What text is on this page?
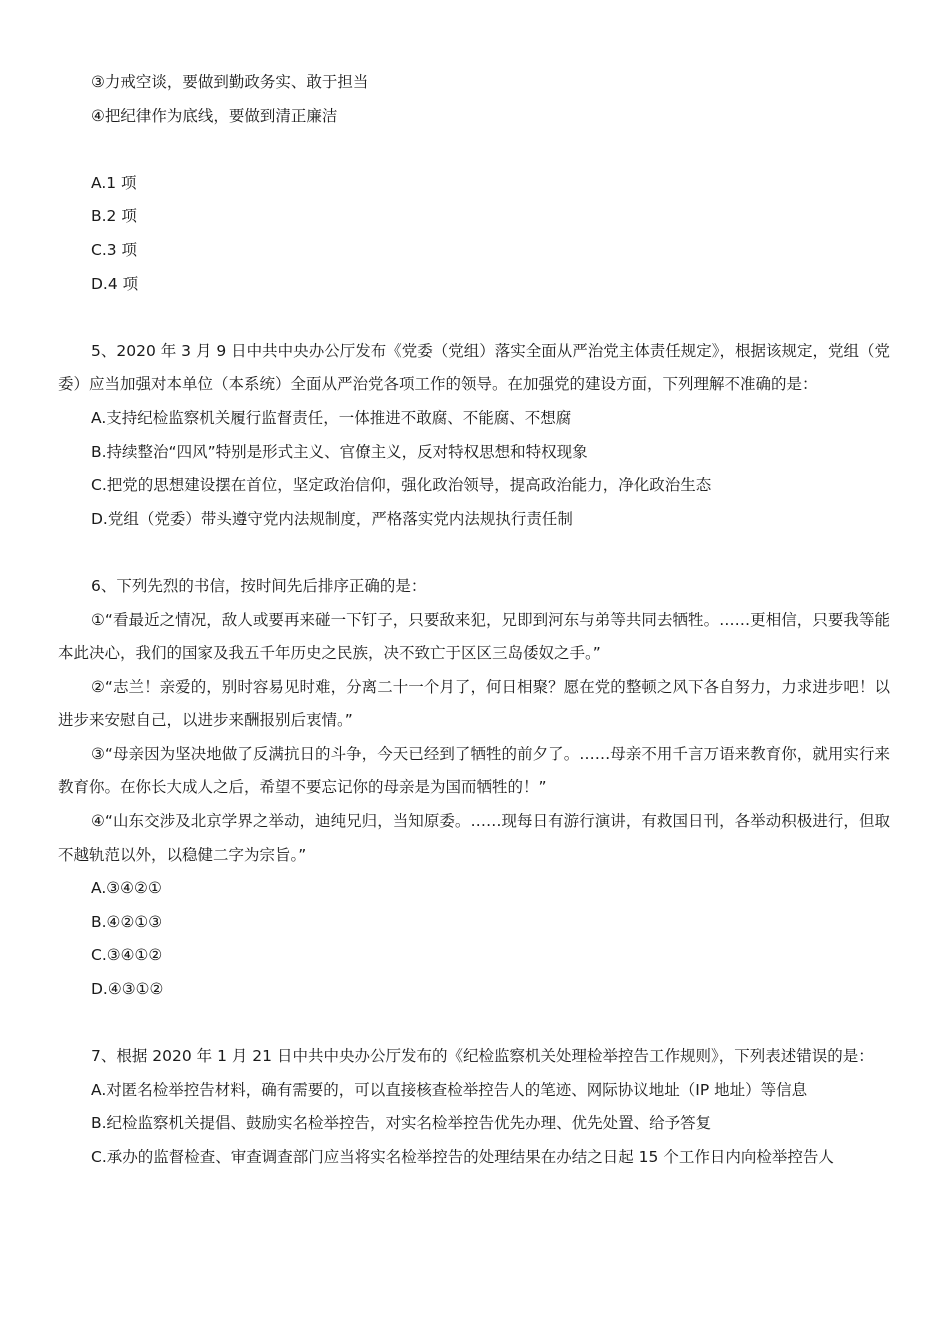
③力戒空谈，要做到勤政务实、敢于担当

④把纪律作为底线，要做到清正廉洁

A.1 项

B.2 项

C.3 项

D.4 项

5、2020 年 3 月 9 日中共中央办公厅发布《党委（党组）落实全面从严治党主体责任规定》，根据该规定，党组（党委）应当加强对本单位（本系统）全面从严治党各项工作的领导。在加强党的建设方面，下列理解不准确的是：

A.支持纪检监察机关履行监督责任，一体推进不敢腐、不能腐、不想腐

B.持续整治“四风”特别是形式主义、官僚主义，反对特权思想和特权现象

C.把党的思想建设摆在首位，坚定政治信仰，强化政治领导，提高政治能力，净化政治生态

D.党组（党委）带头遵守党内法规制度，严格落实党内法规执行责任制

6、下列先烈的书信，按时间先后排序正确的是：

①“看最近之情况，敌人或要再来碰一下钉子，只要敌来犯，兄即到河东与弟等共同去牺牲。……更相信，只要我等能本此决心，我们的国家及我五千年历史之民族，决不致亡于区区三岛倭奴之手。”

②“志兰！亲爱的，别时容易见时难，分离二十一个月了，何日相聚？愿在党的整顿之风下各自努力，力求进步吧！以进步来安慰自己，以进步来酬报别后衷情。”

③“母亲因为坚决地做了反满抗日的斗争，今天已经到了牺牲的前夕了。……母亲不用千言万语来教育你，就用实行来教育你。在你长大成人之后，希望不要忘记你的母亲是为国而牺牲的！”

④“山东交涉及北京学界之举动，迪纯兄归，当知原委。……现每日有游行演讲，有救国日刊，各举动积极进行，但取不越轨范以外，以稳健二字为宗旨。”

A.③④②①

B.④②①③

C.③④①②

D.④③①②

7、根据 2020 年 1 月 21 日中共中央办公厅发布的《纪检监察机关处理检举控告工作规则》，下列表述错误的是：

A.对匿名检举控告材料，确有需要的，可以直接核查检举控告人的笔迹、网际协议地址（IP 地址）等信息

B.纪检监察机关提倡、鼓励实名检举控告，对实名检举控告优先办理、优先处置、给予答复

C.承办的监督检查、审查调查部门应当将实名检举控告的处理结果在办结之日起 15 个工作日内向检举控告人
